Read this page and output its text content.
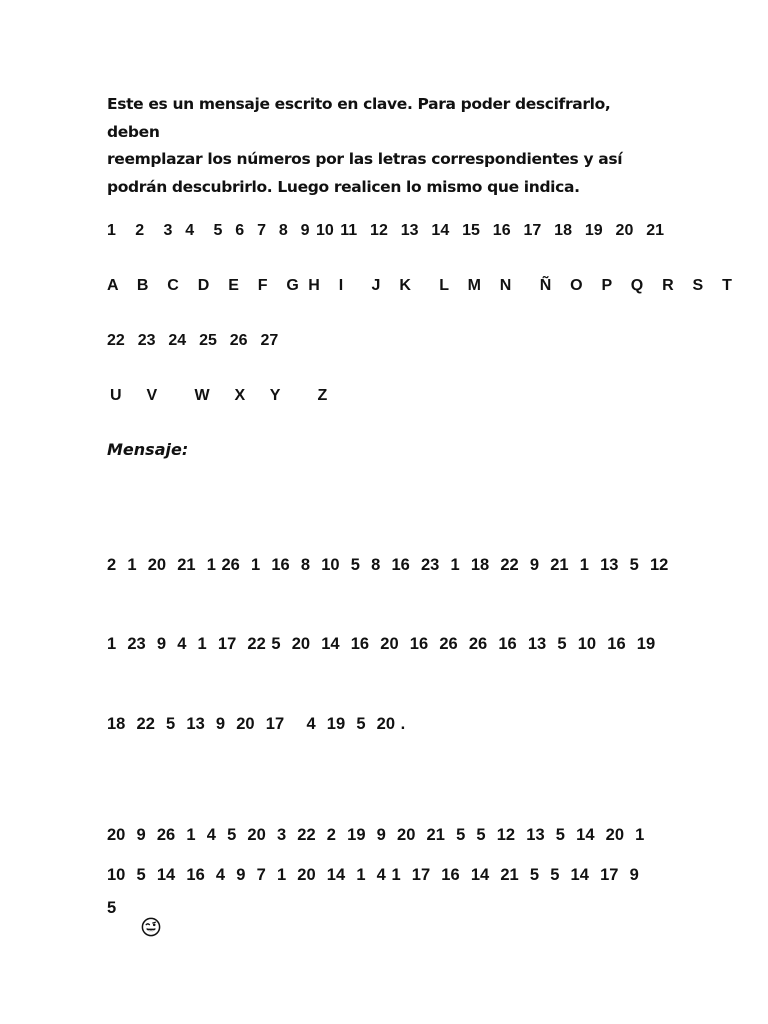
Este es un mensaje escrito en clave. Para poder descifrarlo, deben
reemplazar los números por las letras correspondientes y así
podrán descubrirlo. Luego realicen lo mismo que indica.
1   2   3  4   5  6  7  8  9 10 11  12  13  14  15  16  17  18  19  20  21
A  B  C  D  E  F  G H  I   J  K   L  M  N   Ñ  O  P  Q  R  S  T
22  23  24  25  26  27
U  V   W  X  Y   Z
Mensaje:
2  1  20  21  1 26  1  16  8  10  5  8  16  23  1  18  22  9  21  1  13  5  12
1  23  9  4  1  17  22 5  20  14  16  20  16  26  26  16  13  5  10  16  19
18  22  5  13  9  20  17    4  19  5  20 .
20  9  26  1  4  5  20  3  22  2  19  9  20  21  5  5  12  13  5  14  20  1
10  5  14  16  4  9  7  1  20  14  1  4 1  17  16  14  21  5  5  14  17  9
5
